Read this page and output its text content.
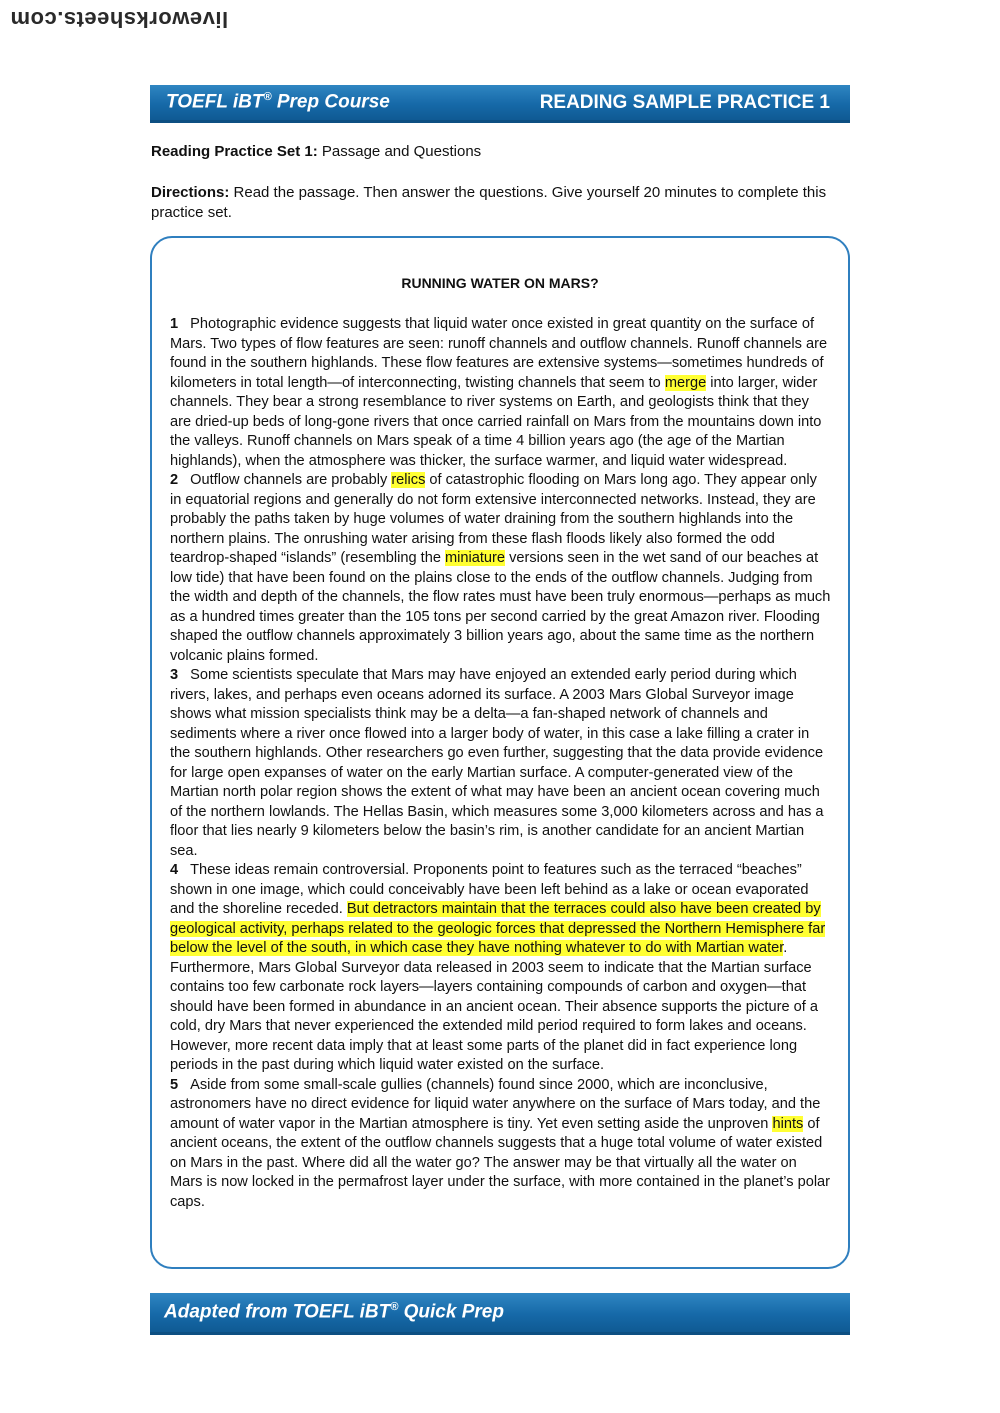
liveworksheets.com
TOEFL iBT® Prep Course	READING SAMPLE PRACTICE 1
Reading Practice Set 1: Passage and Questions
Directions: Read the passage. Then answer the questions. Give yourself 20 minutes to complete this practice set.
RUNNING WATER ON MARS?

1 Photographic evidence suggests that liquid water once existed in great quantity on the surface of Mars. Two types of flow features are seen: runoff channels and outflow channels. Runoff channels are found in the southern highlands. These flow features are extensive systems—sometimes hundreds of kilometers in total length—of interconnecting, twisting channels that seem to merge into larger, wider channels. They bear a strong resemblance to river systems on Earth, and geologists think that they are dried-up beds of long-gone rivers that once carried rainfall on Mars from the mountains down into the valleys. Runoff channels on Mars speak of a time 4 billion years ago (the age of the Martian highlands), when the atmosphere was thicker, the surface warmer, and liquid water widespread.

2 Outflow channels are probably relics of catastrophic flooding on Mars long ago. They appear only in equatorial regions and generally do not form extensive interconnected networks. Instead, they are probably the paths taken by huge volumes of water draining from the southern highlands into the northern plains. The onrushing water arising from these flash floods likely also formed the odd teardrop-shaped “islands” (resembling the miniature versions seen in the wet sand of our beaches at low tide) that have been found on the plains close to the ends of the outflow channels. Judging from the width and depth of the channels, the flow rates must have been truly enormous—perhaps as much as a hundred times greater than the 105 tons per second carried by the great Amazon river. Flooding shaped the outflow channels approximately 3 billion years ago, about the same time as the northern volcanic plains formed.

3 Some scientists speculate that Mars may have enjoyed an extended early period during which rivers, lakes, and perhaps even oceans adorned its surface. A 2003 Mars Global Surveyor image shows what mission specialists think may be a delta—a fan-shaped network of channels and sediments where a river once flowed into a larger body of water, in this case a lake filling a crater in the southern highlands. Other researchers go even further, suggesting that the data provide evidence for large open expanses of water on the early Martian surface. A computer-generated view of the Martian north polar region shows the extent of what may have been an ancient ocean covering much of the northern lowlands. The Hellas Basin, which measures some 3,000 kilometers across and has a floor that lies nearly 9 kilometers below the basin’s rim, is another candidate for an ancient Martian sea.

4 These ideas remain controversial. Proponents point to features such as the terraced “beaches” shown in one image, which could conceivably have been left behind as a lake or ocean evaporated and the shoreline receded. But detractors maintain that the terraces could also have been created by geological activity, perhaps related to the geologic forces that depressed the Northern Hemisphere far below the level of the south, in which case they have nothing whatever to do with Martian water. Furthermore, Mars Global Surveyor data released in 2003 seem to indicate that the Martian surface contains too few carbonate rock layers—layers containing compounds of carbon and oxygen—that should have been formed in abundance in an ancient ocean. Their absence supports the picture of a cold, dry Mars that never experienced the extended mild period required to form lakes and oceans. However, more recent data imply that at least some parts of the planet did in fact experience long periods in the past during which liquid water existed on the surface.

5 Aside from some small-scale gullies (channels) found since 2000, which are inconclusive, astronomers have no direct evidence for liquid water anywhere on the surface of Mars today, and the amount of water vapor in the Martian atmosphere is tiny. Yet even setting aside the unproven hints of ancient oceans, the extent of the outflow channels suggests that a huge total volume of water existed on Mars in the past. Where did all the water go? The answer may be that virtually all the water on Mars is now locked in the permafrost layer under the surface, with more contained in the planet’s polar caps.

Adapted from TOEFL iBT® Quick Prep
